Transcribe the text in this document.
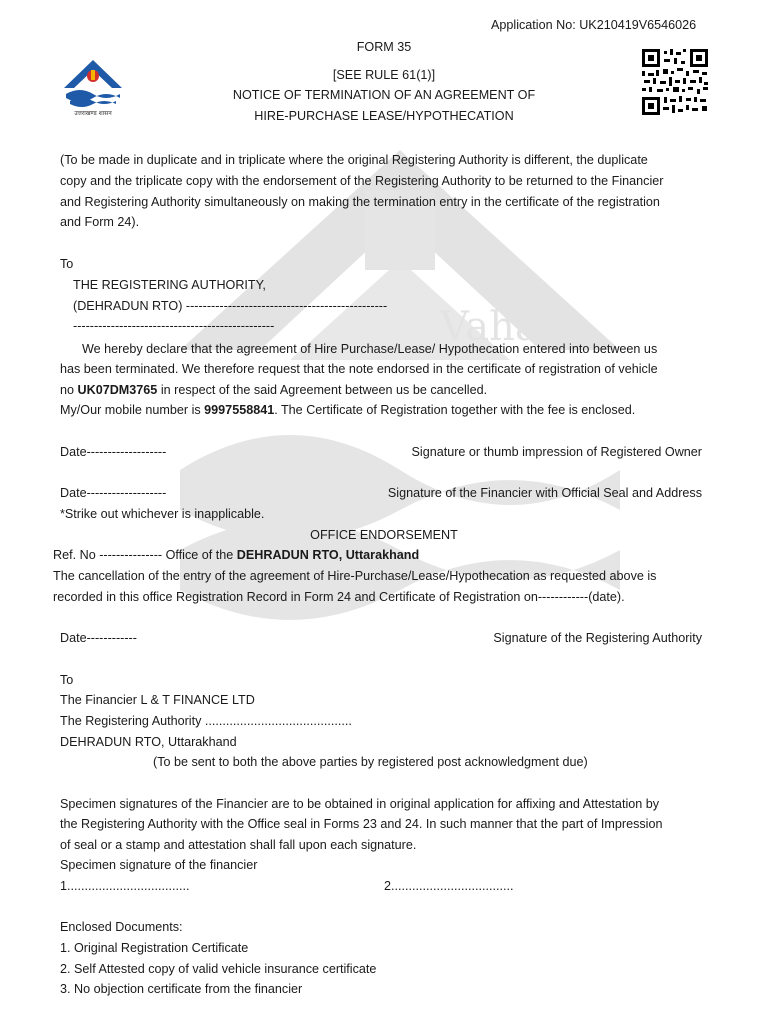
Vahan
उत्तराखण्ड शासन
Application No: UK210419V6546026
FORM 35
[SEE RULE 61(1)]
NOTICE OF TERMINATION OF AN AGREEMENT OF
HIRE-PURCHASE LEASE/HYPOTHECATION
(To be made in duplicate and in triplicate where the original Registering Authority is different, the duplicate
copy and the triplicate copy with the endorsement of the Registering Authority to be returned to the Financier
and Registering Authority simultaneously on making the termination entry in the certificate of the registration
and Form 24).
To
THE REGISTERING AUTHORITY,
(DEHRADUN RTO) ------------------------------------------------
------------------------------------------------
We hereby declare that the agreement of Hire Purchase/Lease/ Hypothecation entered into between us
has been terminated. We therefore request that the note endorsed in the certificate of registration of vehicle
no UK07DM3765 in respect of the said Agreement between us be cancelled.
My/Our mobile number is 9997558841. The Certificate of Registration together with the fee is enclosed.
Date-------------------	Signature or thumb impression of Registered Owner
Date-------------------	Signature of the Financier with Official Seal and Address
*Strike out whichever is inapplicable.
OFFICE ENDORSEMENT
Ref. No --------------- Office of the DEHRADUN RTO, Uttarakhand
The cancellation of the entry of the agreement of Hire-Purchase/Lease/Hypothecation as requested above is
recorded in this office Registration Record in Form 24 and Certificate of Registration on------------(date).
Date------------	Signature of the Registering Authority
To
The Financier L & T FINANCE LTD
The Registering Authority ..........................................
DEHRADUN RTO, Uttarakhand
(To be sent to both the above parties by registered post acknowledgment due)
Specimen signatures of the Financier are to be obtained in original application for affixing and Attestation by
the Registering Authority with the Office seal in Forms 23 and 24. In such manner that the part of Impression
of seal or a stamp and attestation shall fall upon each signature.
Specimen signature of the financier
1...................................	2...................................
Enclosed Documents:
1. Original Registration Certificate
2. Self Attested copy of valid vehicle insurance certificate
3. No objection certificate from the financier
